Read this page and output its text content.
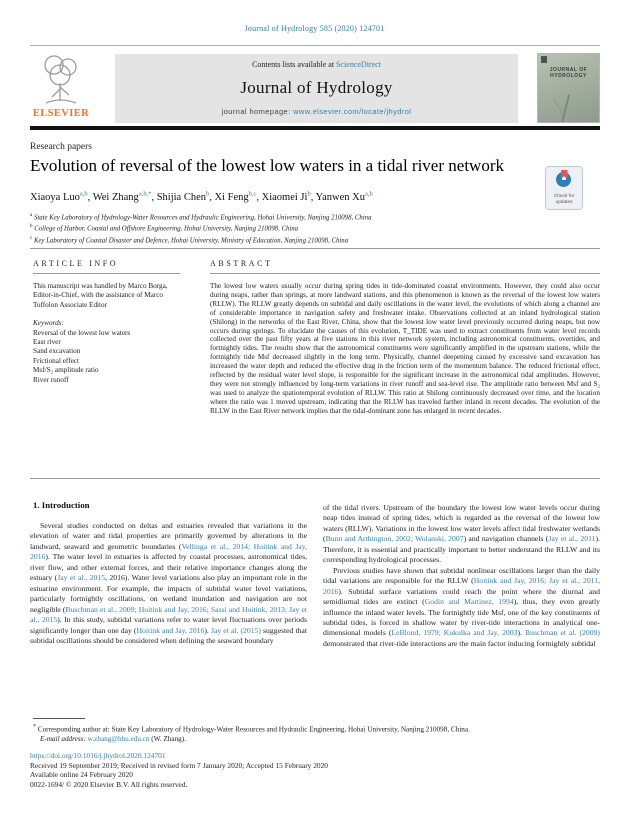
Journal of Hydrology 585 (2020) 124701
ELSEVIER
Contents lists available at ScienceDirect
Journal of Hydrology
journal homepage: www.elsevier.com/locate/jhydrol
JOURNAL OF HYDROLOGY
Research papers
Evolution of reversal of the lowest low waters in a tidal river network
Check for
updates
Xiaoya Luo$^{a,b}$, Wei Zhang$^{a,b,*}$, Shijia Chen$^b$, Xi Feng$^{b,c}$, Xiaomei Ji$^b$, Yanwen Xu$^{a,b}$
$^a$ State Key Laboratory of Hydrology-Water Resources and Hydraulic Engineering, Hohai University, Nanjing 210098, China
$^b$ College of Harbor, Coastal and Offshore Engineering, Hohai University, Nanjing 210098, China
$^c$ Key Laboratory of Coastal Disaster and Defence, Hohai University, Ministry of Education, Nanjing 210098, China
ARTICLE INFO	ABSTRACT
This manuscript was handled by Marco Borga, Editor-in-Chief, with the assistance of Marco Toffolon Associate Editor
Keywords:
Reversal of the lowest low waters
East river
Sand excavation
Frictional effect
Msf/S₂ amplitude ratio
River runoff
The lowest low waters usually occur during spring tides in tide-dominated coastal environments. However, they could also occur during neaps, rather than springs, at more landward stations, and this phenomenon is known as the reversal of the lowest low waters (RLLW). The RLLW greatly depends on subtidal and daily oscillations in the water level, the evolutions of which along a channel are of considerable importance in navigation safety and freshwater intake. Observations collected at an inland hydrological station (Shilong) in the networks of the East River, China, show that the lowest low water level previously occurred during neaps, but now occurs during springs. To elucidate the causes of this evolution, T_TIDE was used to extract constituents from water level records collected over the past fifty years at five stations in this river network system, including astronomical constituents, overtides, and fortnightly tides. The results show that the astronomical constituents were significantly amplified in the upstream stations, while the fortnightly tide Msf decreased slightly in the long term. Physically, channel deepening caused by excessive sand excavation has increased the water depth and reduced the effective drag in the friction term of the momentum balance. The reduced frictional effect, reflected by the residual water level slope, is responsible for the significant increase in the astronomical tidal amplitudes. However, they were not strongly influenced by long-term variations in river runoff and sea-level rise. The amplitude ratio between Msf and S₂ was used to analyze the spatiotemporal evolution of RLLW. This ratio at Shilong continuously decreased over time, and the location where the ratio was 1 moved upstream, indicating that the RLLW has traveled farther inland in recent decades. The evolution of the RLLW in the East River network implies that the tidal-dominant zone has enlarged in recent decades.
1. Introduction

Several studies conducted on deltas and estuaries revealed that variations in the elevation of water and tidal properties are primarily governed by alterations in the landward, seaward and geometric boundaries (Vellinga et al., 2014; Hoitink and Jay, 2016). The water level in estuaries is affected by coastal processes, astronomical tides, river flow, and other external forces, and their relative importance changes along the estuary (Jay et al., 2015, 2016). Water level variations also play an important role in the estuarine environment. For example, the impacts of subtidal water level variations, particularly fortnightly oscillations, on wetland inundation and navigation are not negligible (Buschman et al., 2009; Hoitink and Jay, 2016; Sassi and Hoitink, 2013; Jay et al., 2015). In this study, subtidal variations refer to water level fluctuations over periods significantly longer than one day (Hoitink and Jay, 2016). Jay et al. (2015) suggested that subtidal oscillations should be considered when defining the seaward boundary

of the tidal rivers. Upstream of the boundary the lowest low water levels occur during neap tides instead of spring tides, which is regarded as the reversal of the lowest low waters (RLLW). Variations in the lowest low water levels affect tidal freshwater wetlands (Bunn and Arthington, 2002; Wolanski, 2007) and navigation channels (Jay et al., 2011). Therefore, it is essential and practically important to better understand the RLLW and its corresponding hydrological processes.

Previous studies have shown that subtidal nonlinear oscillations larger than the daily tidal variations are responsible for the RLLW (Hoitink and Jay, 2016; Jay et al., 2011, 2016). Subtidal surface variations could reach the point where the diurnal and semidiurnal tides are extinct (Godin and Martinez, 1994), thus, they even greatly influence the inland water levels. The fortnightly tide Msf, one of the key constituents of subtidal tides, is forced in shallow water by river-tide interactions in analytical one-dimensional models (LeBlond, 1979; Kukulka and Jay, 2003). Buschman et al. (2009) demonstrated that river-tide interactions are the main factor inducing fortnightly subtidal

* Corresponding author at: State Key Laboratory of Hydrology-Water Resources and Hydraulic Engineering, Hohai University, Nanjing 210098, China.
E-mail address: w.zhang@hhu.edu.cn (W. Zhang).
https://doi.org/10.1016/j.jhydrol.2020.124701
Received 19 September 2019; Received in revised form 7 January 2020; Accepted 15 February 2020
Available online 24 February 2020
0022-1694/ © 2020 Elsevier B.V. All rights reserved.
